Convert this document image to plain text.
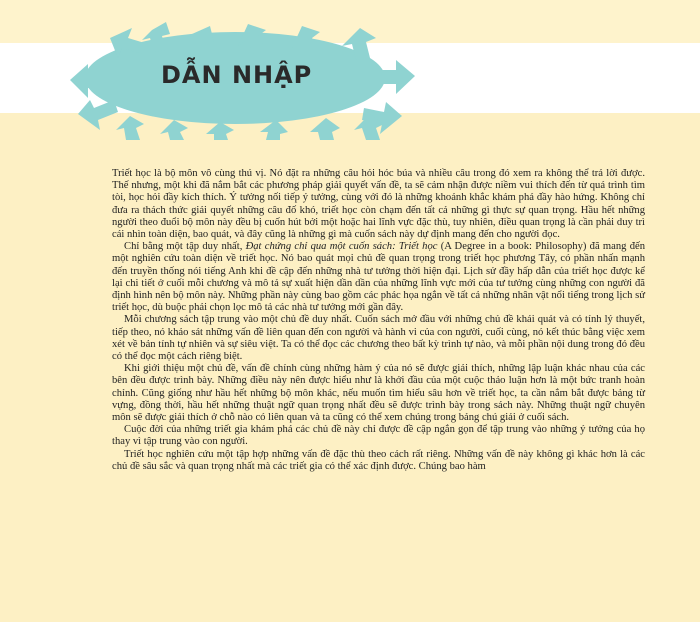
DẪN NHẬP

Triết học là bộ môn vô cùng thú vị. Nó đặt ra những câu hỏi hóc búa và nhiều câu trong đó xem ra không thể trả lời được. Thế nhưng, một khi đã nắm bắt các phương pháp giải quyết vấn đề, ta sẽ cảm nhận được niềm vui thích đến từ quá trình tìm tòi, học hỏi đầy kích thích. Ý tưởng nối tiếp ý tưởng, cùng với đó là những khoảnh khắc khám phá đầy hào hứng. Không chỉ đưa ra thách thức giải quyết những câu đố khó, triết học còn chạm đến tất cả những gì thực sự quan trọng. Hầu hết những người theo đuổi bộ môn này đều bị cuốn hút bởi một hoặc hai lĩnh vực đặc thù, tuy nhiên, điều quan trọng là cần phải duy trì cái nhìn toàn diện, bao quát, và đây cũng là những gì mà cuốn sách này dự định mang đến cho người đọc.

Chỉ bằng một tập duy nhất, Đạt chứng chỉ qua một cuốn sách: Triết học (A Degree in a book: Philosophy) đã mang đến một nghiên cứu toàn diện về triết học. Nó bao quát mọi chủ đề quan trọng trong triết học phương Tây, có phần nhấn mạnh đến truyền thống nói tiếng Anh khi đề cập đến những nhà tư tưởng thời hiện đại. Lịch sử đầy hấp dẫn của triết học được kể lại chi tiết ở cuối mỗi chương và mô tả sự xuất hiện dần dần của những lĩnh vực mới của tư tưởng cùng những con người đã định hình nên bộ môn này. Những phần này cùng bao gồm các phác họa ngắn về tất cả những nhân vật nổi tiếng trong lịch sử triết học, dù buộc phải chọn lọc mô tả các nhà tư tưởng mới gần đây.

Mỗi chương sách tập trung vào một chủ đề duy nhất. Cuốn sách mở đầu với những chủ đề khái quát và có tính lý thuyết, tiếp theo, nó khảo sát những vấn đề liên quan đến con người và hành vi của con người, cuối cùng, nó kết thúc bằng việc xem xét về bản tính tự nhiên và sự siêu việt. Ta có thể đọc các chương theo bất kỳ trình tự nào, và mỗi phần nội dung trong đó đều có thể đọc một cách riêng biệt.

Khi giới thiệu một chủ đề, vấn đề chính cùng những hàm ý của nó sẽ được giải thích, những lập luận khác nhau của các bên đều được trình bày. Những điều này nên được hiểu như là khởi đầu của một cuộc thảo luận hơn là một bức tranh hoàn chỉnh. Cũng giống như hầu hết những bộ môn khác, nếu muốn tìm hiểu sâu hơn về triết học, ta cần nắm bắt được bảng từ vựng, đồng thời, hầu hết những thuật ngữ quan trọng nhất đều sẽ được trình bày trong sách này. Những thuật ngữ chuyên môn sẽ được giải thích ở chỗ nào có liên quan và ta cũng có thể xem chúng trong bảng chú giải ở cuối sách.

Cuộc đời của những triết gia khám phá các chủ đề này chỉ được đề cập ngắn gọn để tập trung vào những ý tưởng của họ thay vì tập trung vào con người.

Triết học nghiên cứu một tập hợp những vấn đề đặc thù theo cách rất riêng. Những vấn đề này không gì khác hơn là các chủ đề sâu sắc và quan trọng nhất mà các triết gia có thể xác định được. Chúng bao hàm
